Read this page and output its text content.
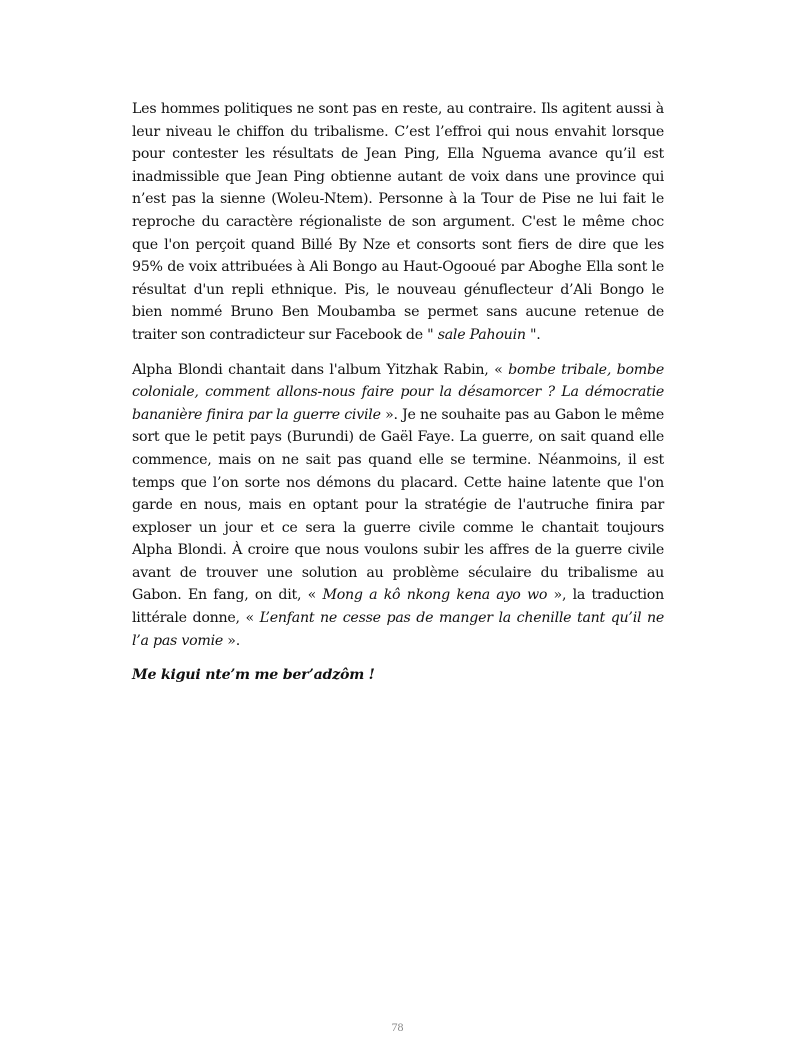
Les hommes politiques ne sont pas en reste, au contraire. Ils agitent aussi à leur niveau le chiffon du tribalisme. C’est l’effroi qui nous envahit lorsque pour contester les résultats de Jean Ping, Ella Nguema avance qu’il est inadmissible que Jean Ping obtienne autant de voix dans une province qui n’est pas la sienne (Woleu-Ntem). Personne à la Tour de Pise ne lui fait le reproche du caractère régionaliste de son argument. C'est le même choc que l'on perçoit quand Billé By Nze et consorts sont fiers de dire que les 95% de voix attribuées à Ali Bongo au Haut-Ogooué par Aboghe Ella sont le résultat d'un repli ethnique. Pis, le nouveau génuflecteur d’Ali Bongo le bien nommé Bruno Ben Moubamba se permet sans aucune retenue de traiter son contradicteur sur Facebook de " sale Pahouin ".

Alpha Blondi chantait dans l'album Yitzhak Rabin, « bombe tribale, bombe coloniale, comment allons-nous faire pour la désamorcer ? La démocratie bananière finira par la guerre civile ». Je ne souhaite pas au Gabon le même sort que le petit pays (Burundi) de Gaël Faye. La guerre, on sait quand elle commence, mais on ne sait pas quand elle se termine. Néanmoins, il est temps que l’on sorte nos démons du placard. Cette haine latente que l'on garde en nous, mais en optant pour la stratégie de l'autruche finira par exploser un jour et ce sera la guerre civile comme le chantait toujours Alpha Blondi. À croire que nous voulons subir les affres de la guerre civile avant de trouver une solution au problème séculaire du tribalisme au Gabon. En fang, on dit, « Mong a kô nkong kena ayo wo », la traduction littérale donne, « L’enfant ne cesse pas de manger la chenille tant qu’il ne l’a pas vomie ».

Me kigui nte’m me ber’adzôm !

78
